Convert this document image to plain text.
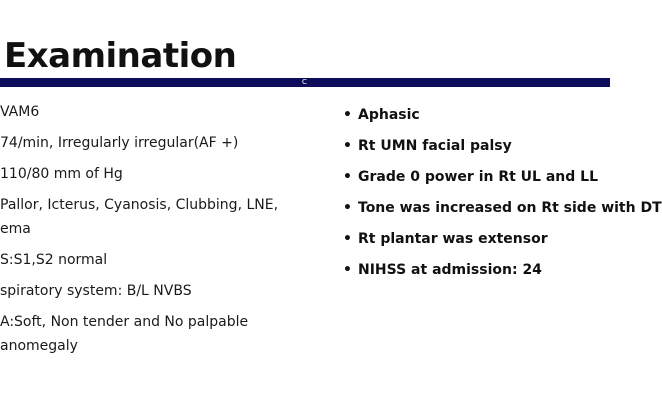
Examination
C
VAM6
74/min, Irregularly irregular(AF +)
110/80 mm of Hg
Pallor, Icterus, Cyanosis, Clubbing, LNE,
ema
S:S1,S2 normal
spiratory system: B/L NVBS
A:Soft, Non tender and No palpable
anomegaly
• Aphasic
• Rt UMN facial palsy
• Grade 0 power in Rt UL and LL
• Tone was increased on Rt side with DT
• Rt plantar was extensor
• NIHSS at admission: 24
